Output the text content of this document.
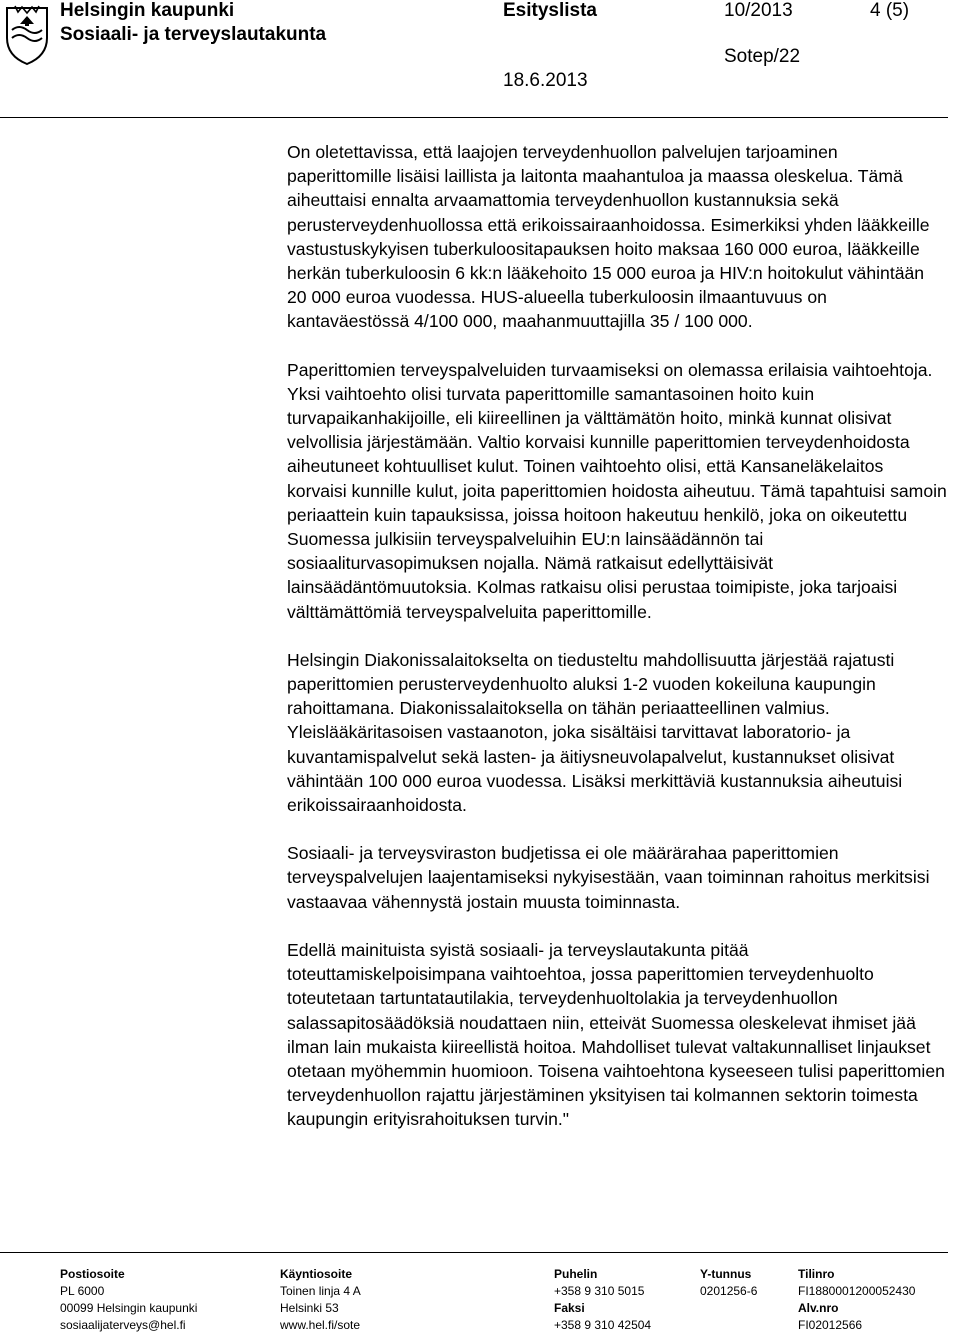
Helsingin kaupunki
Sosiaali- ja terveyslautakunta
Esityslista	10/2013	4 (5)
Sotep/22
18.6.2013

On oletettavissa, että laajojen terveydenhuollon palvelujen tarjoaminen paperittomille lisäisi laillista ja laitonta maahantuloa ja maassa oleskelua. Tämä aiheuttaisi ennalta arvaamattomia terveydenhuollon kustannuksia sekä perusterveydenhuollossa että erikoissairaanhoidossa. Esimerkiksi yhden lääkkeille vastustuskykyisen tuberkuloositapauksen hoito maksaa 160 000 euroa, lääkkeille herkän tuberkuloosin 6 kk:n lääkehoito 15 000 euroa ja HIV:n hoitokulut vähintään 20 000 euroa vuodessa. HUS-alueella tuberkuloosin ilmaantuvuus on kantaväestössä 4/100 000, maahanmuuttajilla 35 / 100 000.

Paperittomien terveyspalveluiden turvaamiseksi on olemassa erilaisia vaihtoehtoja. Yksi vaihtoehto olisi turvata paperittomille samantasoinen hoito kuin turvapaikanhakijoille, eli kiireellinen ja välttämätön hoito, minkä kunnat olisivat velvollisia järjestämään. Valtio korvaisi kunnille paperittomien terveydenhoidosta aiheutuneet kohtuulliset kulut. Toinen vaihtoehto olisi, että Kansaneläkelaitos korvaisi kunnille kulut, joita paperittomien hoidosta aiheutuu. Tämä tapahtuisi samoin periaattein kuin tapauksissa, joissa hoitoon hakeutuu henkilö, joka on oikeutettu Suomessa julkisiin terveyspalveluihin EU:n lainsäädännön tai sosiaaliturvasopimuksen nojalla. Nämä ratkaisut edellyttäisivät lainsäädäntömuutoksia. Kolmas ratkaisu olisi perustaa toimipiste, joka tarjoaisi välttämättömiä terveyspalveluita paperittomille.

Helsingin Diakonissalaitokselta on tiedusteltu mahdollisuutta järjestää rajatusti paperittomien perusterveydenhuolto aluksi 1-2 vuoden kokeiluna kaupungin rahoittamana. Diakonissalaitoksella on tähän periaatteellinen valmius. Yleislääkäritasoisen vastaanoton, joka sisältäisi tarvittavat laboratorio- ja kuvantamispalvelut sekä lasten- ja äitiysneuvolapalvelut, kustannukset olisivat vähintään 100 000 euroa vuodessa. Lisäksi merkittäviä kustannuksia aiheutuisi erikoissairaanhoidosta.

Sosiaali- ja terveysviraston budjetissa ei ole määrärahaa paperittomien terveyspalvelujen laajentamiseksi nykyisestään, vaan toiminnan rahoitus merkitsisi vastaavaa vähennystä jostain muusta toiminnasta.

Edellä mainituista syistä sosiaali- ja terveyslautakunta pitää toteuttamiskelpoisimpana vaihtoehtoa, jossa paperittomien terveydenhuolto toteutetaan tartuntatautilakia, terveydenhuoltolakia ja terveydenhuollon salassapitosäädöksiä noudattaen niin, etteivät Suomessa oleskelevat ihmiset jää ilman lain mukaista kiireellistä hoitoa. Mahdolliset tulevat valtakunnalliset linjaukset otetaan myöhemmin huomioon. Toisena vaihtoehtona kyseeseen tulisi paperittomien terveydenhuollon rajattu järjestäminen yksityisen tai kolmannen sektorin toimesta kaupungin erityisrahoituksen turvin."

Postiosoite
PL 6000
00099 Helsingin kaupunki
sosiaalijaterveys@hel.fi
Käyntiosoite
Toinen linja 4 A
Helsinki 53
www.hel.fi/sote
Puhelin
+358 9 310 5015
Faksi
+358 9 310 42504
Y-tunnus
0201256-6
Tilinro
FI1880001200052430
Alv.nro
FI02012566
